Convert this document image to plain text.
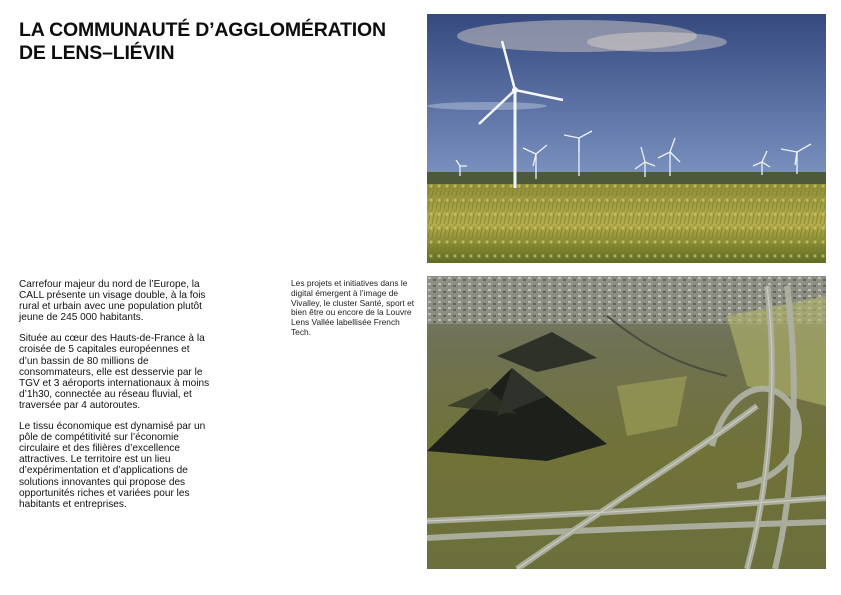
LA COMMUNAUTÉ D’AGGLOMÉRATION
DE LENS–LIÉVIN

Carrefour majeur du nord de l’Europe, la CALL présente un visage double, à la fois rural et urbain avec une population plutôt jeune de 245 000 habitants.

Située au cœur des Hauts-de-France à la croisée de 5 capitales européennes et d’un bassin de 80 millions de consommateurs, elle est desservie par le TGV et 3 aéroports internationaux à moins d’1h30, connectée au réseau fluvial, et traversée par 4 autoroutes.

Le tissu économique est dynamisé par un pôle de compétitivité sur l’économie circulaire et des filières d’excellence attractives. Le territoire est un lieu d’expérimentation et d’applications de solutions innovantes qui propose des opportunités riches et variées pour les habitants et entreprises.

Les projets et initiatives dans le digital émergent à l’image de Vivalley, le cluster Santé, sport et bien être ou encore de la Louvre Lens Vallée labellisée French Tech.
